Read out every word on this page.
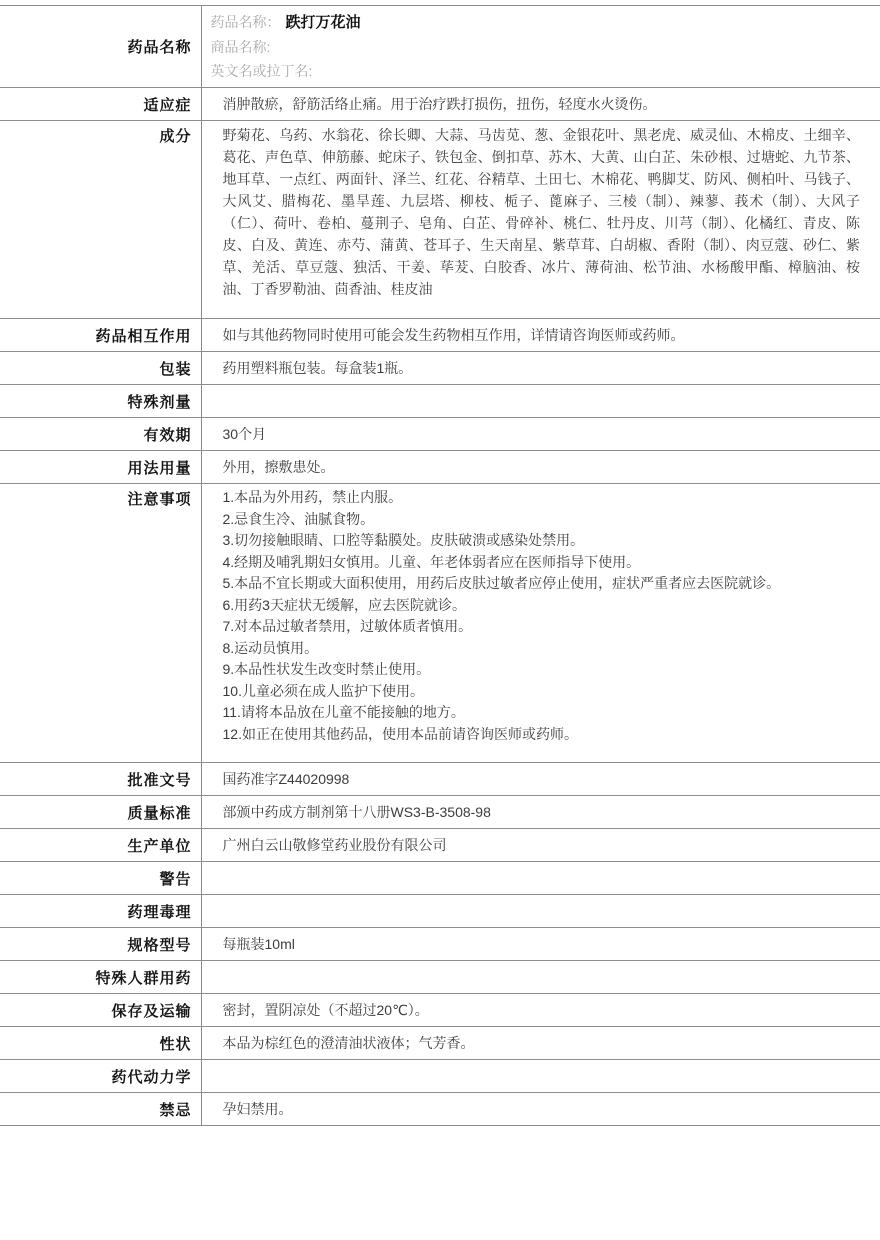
药品名称	药品名称： 跌打万花油
商品名称:
英文名或拉丁名:

适应症	消肿散瘀，舒筋活络止痛。用于治疗跌打损伤，扭伤，轻度水火烫伤。
成分	野菊花、乌药、水翁花、徐长卿、大蒜、马齿苋、葱、金银花叶、黑老虎、威灵仙、木棉皮、土细辛、葛花、声色草、伸筋藤、蛇床子、铁包金、倒扣草、苏木、大黄、山白芷、朱砂根、过塘蛇、九节茶、地耳草、一点红、两面针、泽兰、红花、谷精草、土田七、木棉花、鸭脚艾、防风、侧柏叶、马钱子、大风艾、腊梅花、墨旱莲、九层塔、柳枝、栀子、蓖麻子、三棱（制）、辣蓼、莪术（制）、大风子（仁）、荷叶、卷柏、蔓荆子、皂角、白芷、骨碎补、桃仁、牡丹皮、川芎（制）、化橘红、青皮、陈皮、白及、黄连、赤芍、蒲黄、苍耳子、生天南星、紫草茸、白胡椒、香附（制）、肉豆蔻、砂仁、紫草、羌活、草豆蔻、独活、干姜、荜茇、白胶香、冰片、薄荷油、松节油、水杨酸甲酯、樟脑油、桉油、丁香罗勒油、茴香油、桂皮油
药品相互作用	如与其他药物同时使用可能会发生药物相互作用，详情请咨询医师或药师。
包装	药用塑料瓶包装。每盒装1瓶。
特殊剂量	
有效期	30个月
用法用量	外用，擦敷患处。
注意事项	1.本品为外用药，禁止内服。
2.忌食生冷、油腻食物。
3.切勿接触眼睛、口腔等黏膜处。皮肤破溃或感染处禁用。
4.经期及哺乳期妇女慎用。儿童、年老体弱者应在医师指导下使用。
5.本品不宜长期或大面积使用，用药后皮肤过敏者应停止使用，症状严重者应去医院就诊。
6.用药3天症状无缓解，应去医院就诊。
7.对本品过敏者禁用，过敏体质者慎用。
8.运动员慎用。
9.本品性状发生改变时禁止使用。
10.儿童必须在成人监护下使用。
11.请将本品放在儿童不能接触的地方。
12.如正在使用其他药品，使用本品前请咨询医师或药师。

批准文号	国药准字Z44020998
质量标准	部颁中药成方制剂第十八册WS3-B-3508-98
生产单位	广州白云山敬修堂药业股份有限公司
警告	
药理毒理	
规格型号	每瓶装10ml
特殊人群用药	
保存及运输	密封，置阴凉处（不超过20℃）。
性状	本品为棕红色的澄清油状液体；气芳香。
药代动力学	
禁忌	孕妇禁用。
